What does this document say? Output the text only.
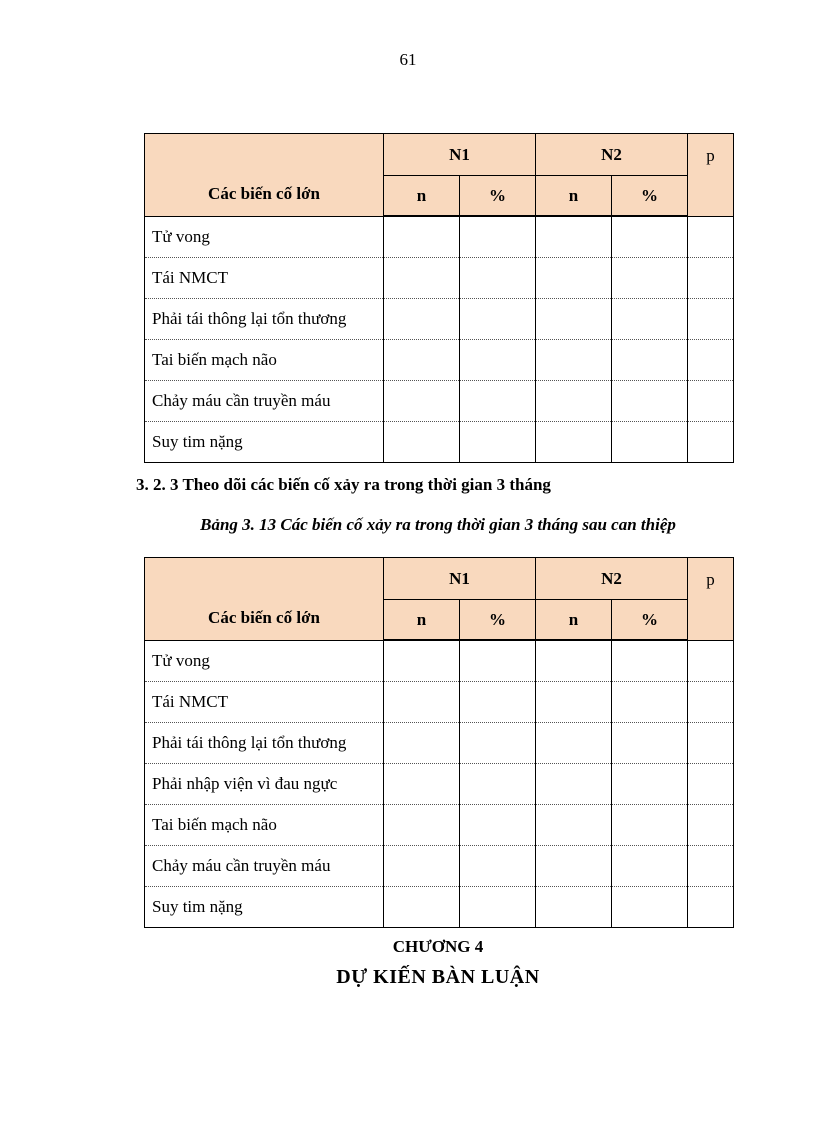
61
Các biến cố lớn	N1		N2		p
	n	%	n	%	
Tử vong					
Tái NMCT					
Phải tái thông lại tổn thương					
Tai biến mạch não					
Chảy máu cần truyền máu					
Suy tim nặng					
3. 2. 3 Theo dõi các biến cố xảy ra trong thời gian 3 tháng
Bảng 3. 13 Các biến cố xảy ra trong thời gian 3 tháng sau can thiệp
Các biến cố lớn	N1		N2		p
	n	%	n	%	
Tử vong					
Tái NMCT					
Phải tái thông lại tổn thương					
Phải nhập viện vì đau ngực					
Tai biến mạch não					
Chảy máu cần truyền máu					
Suy tim nặng					
CHƯƠNG 4
DỰ KIẾN BÀN LUẬN
